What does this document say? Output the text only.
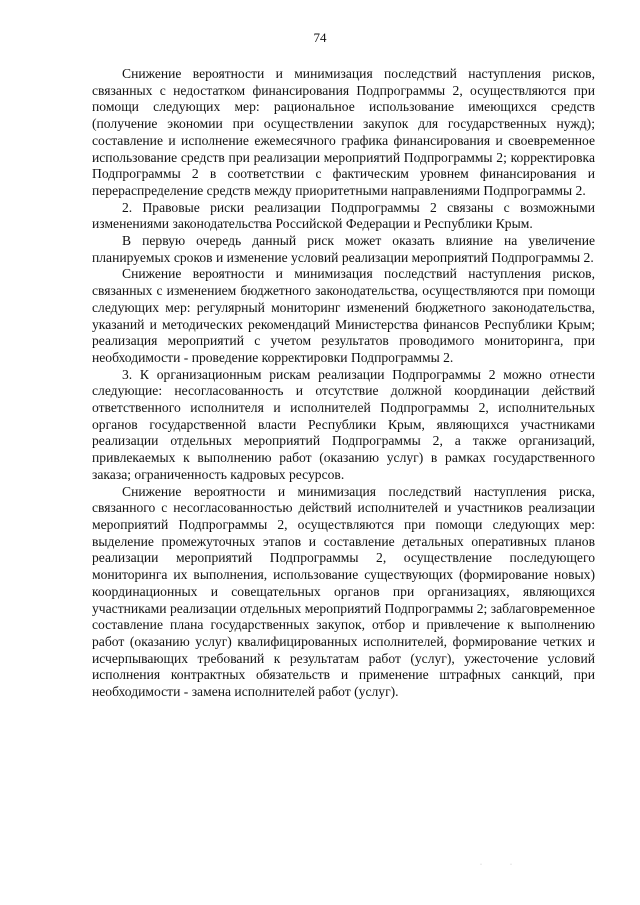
74

Снижение вероятности и минимизация последствий наступления рисков, связанных с недостатком финансирования Подпрограммы 2, осуществляются при помощи следующих мер: рациональное использование имеющихся средств (получение экономии при осуществлении закупок для государственных нужд); составление и исполнение ежемесячного графика финансирования и своевременное использование средств при реализации мероприятий Подпрограммы 2; корректировка Подпрограммы 2 в соответствии с фактическим уровнем финансирования и перераспределение средств между приоритетными направлениями Подпрограммы 2.

2. Правовые риски реализации Подпрограммы 2 связаны с возможными изменениями законодательства Российской Федерации и Республики Крым.

В первую очередь данный риск может оказать влияние на увеличение планируемых сроков и изменение условий реализации мероприятий Подпрограммы 2.

Снижение вероятности и минимизация последствий наступления рисков, связанных с изменением бюджетного законодательства, осуществляются при помощи следующих мер: регулярный мониторинг изменений бюджетного законодательства, указаний и методических рекомендаций Министерства финансов Республики Крым; реализация мероприятий с учетом результатов проводимого мониторинга, при необходимости - проведение корректировки Подпрограммы 2.

3. К организационным рискам реализации Подпрограммы 2 можно отнести следующие: несогласованность и отсутствие должной координации действий ответственного исполнителя и исполнителей Подпрограммы 2, исполнительных органов государственной власти Республики Крым, являющихся участниками реализации отдельных мероприятий Подпрограммы 2, а также организаций, привлекаемых к выполнению работ (оказанию услуг) в рамках государственного заказа; ограниченность кадровых ресурсов.

Снижение вероятности и минимизация последствий наступления риска, связанного с несогласованностью действий исполнителей и участников реализации мероприятий Подпрограммы 2, осуществляются при помощи следующих мер: выделение промежуточных этапов и составление детальных оперативных планов реализации мероприятий Подпрограммы 2, осуществление последующего мониторинга их выполнения, использование существующих (формирование новых) координационных и совещательных органов при организациях, являющихся участниками реализации отдельных мероприятий Подпрограммы 2; заблаговременное составление плана государственных закупок, отбор и привлечение к выполнению работ (оказанию услуг) квалифицированных исполнителей, формирование четких и исчерпывающих требований к результатам работ (услуг), ужесточение условий исполнения контрактных обязательств и применение штрафных санкций, при необходимости - замена исполнителей работ (услуг).

·​·
